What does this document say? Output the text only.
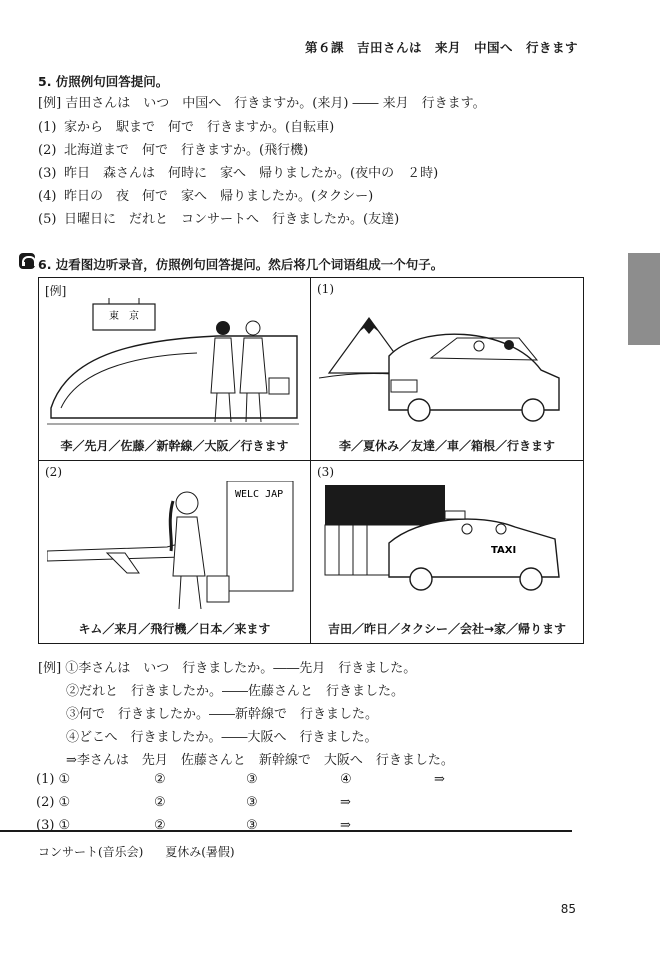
第６課　吉田さんは　来月　中国へ　行きます
5. 仿照例句回答提问。
[例] 吉田さんは　いつ　中国へ　行きますか。(来月) ―― 来月　行きます。
(1) 家から　駅まで　何で　行きますか。(自転車)
(2) 北海道まで　何で　行きますか。(飛行機)
(3) 昨日　森さんは　何時に　家へ　帰りましたか。(夜中の　２時)
(4) 昨日の　夜　何で　家へ　帰りましたか。(タクシー)
(5) 日曜日に　だれと　コンサートへ　行きましたか。(友達)
6. 边看图边听录音，仿照例句回答提问。然后将几个词语组成一个句子。
[例]
東　京
李／先月／佐藤／新幹線／大阪／行きます
(1)
李／夏休み／友達／車／箱根／行きます
(2)
WELC JAP
キム／来月／飛行機／日本／来ます
(3)
TAXI
吉田／昨日／タクシー／会社→家／帰ります
[例] ①李さんは　いつ　行きましたか。――先月　行きました。
②だれと　行きましたか。――佐藤さんと　行きました。
③何で　行きましたか。――新幹線で　行きました。
④どこへ　行きましたか。――大阪へ　行きました。
⇒李さんは　先月　佐藤さんと　新幹線で　大阪へ　行きました。
(1) ①	②	③	④	⇒
(2) ①	②	③	⇒
(3) ①	②	③	⇒
コンサート(音乐会) 夏休み(暑假)
85
